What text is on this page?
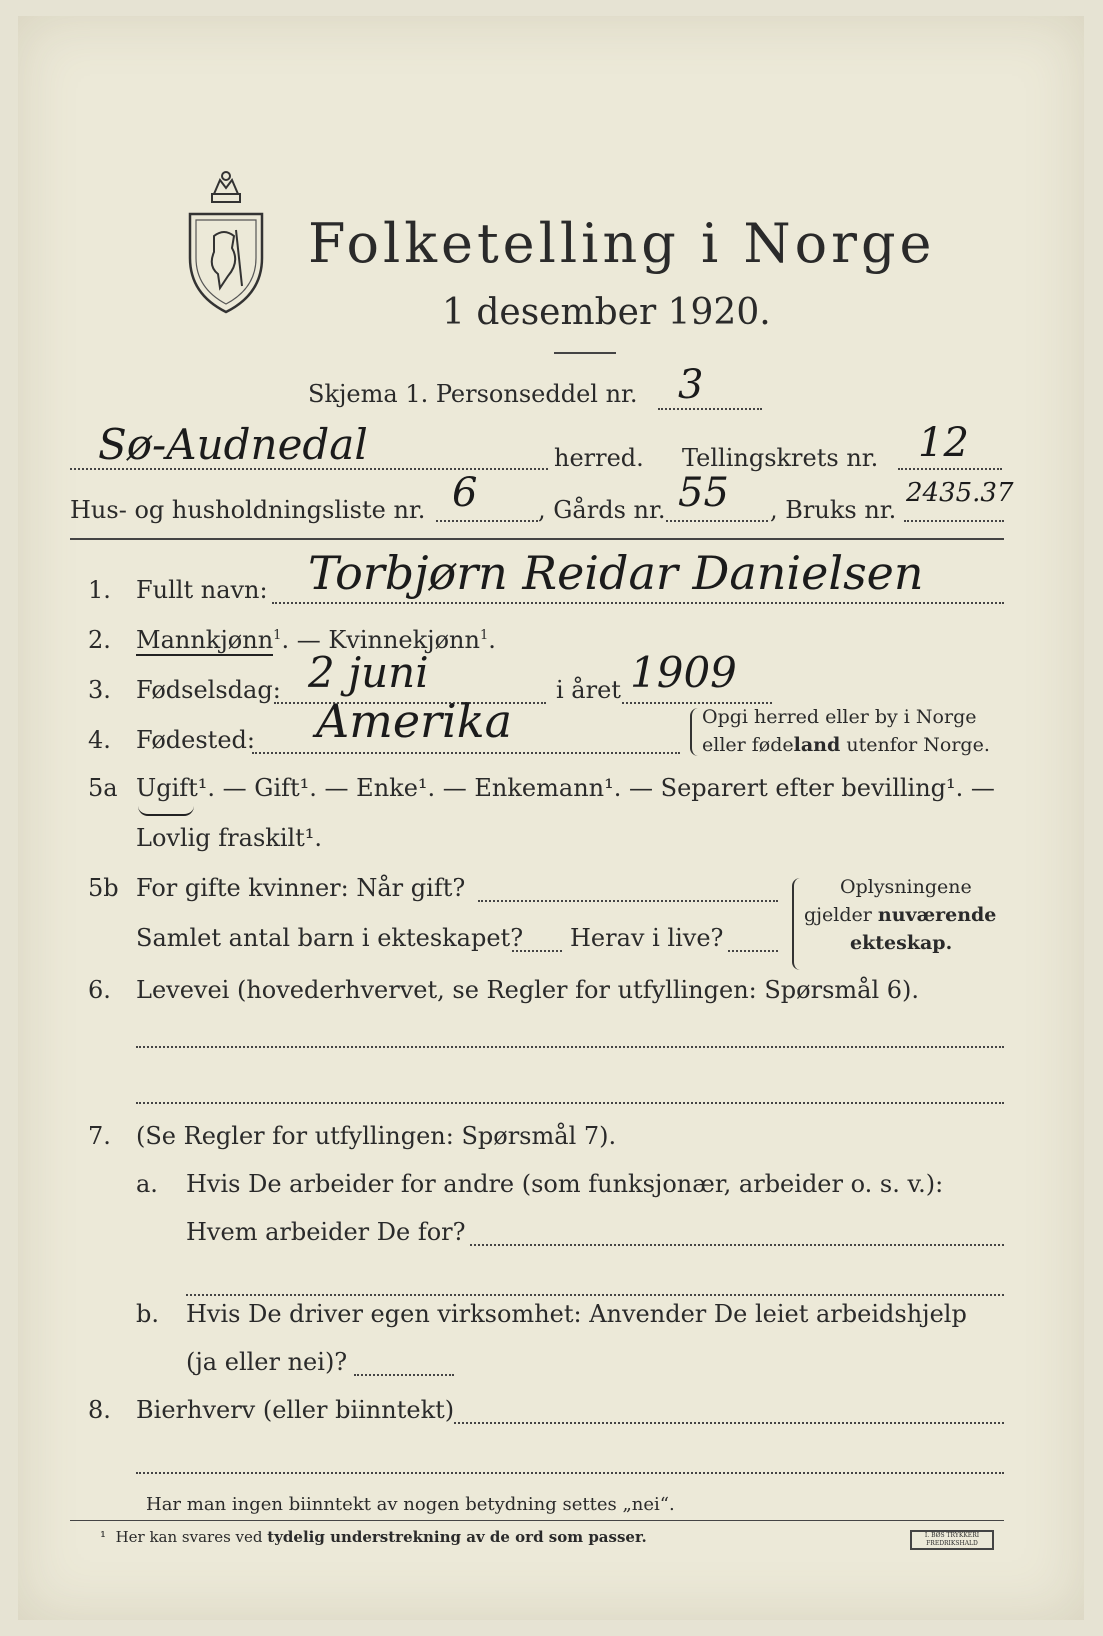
Folketelling i Norge
1 desember 1920.
Skjema 1. Personseddel nr. 3
Sø-Audnedal	herred. Tellingskrets nr. 12
Hus- og husholdningsliste nr. 6	, Gårds nr. 55 , Bruks nr.
2435.37
1. Fullt navn: Torbjørn Reidar Danielsen
2. Mannkjønn$^1$. — Kvinnekjønn$^1$.
3. Fødselsdag: 2 juni	i året 1909
4. Fødested: Amerika	Opgi herred eller by i Norge
eller fødeland utenfor Norge.
5a Ugift¹. — Gift¹. — Enke¹. — Enkemann¹. — Separert efter bevilling¹. —
Lovlig fraskilt¹.
5b For gifte kvinner: Når gift?
Samlet antal barn i ekteskapet? Herav i live?
Oplysningene
gjelder nuværende
ekteskap.
6. Levevei (hovederhvervet, se Regler for utfyllingen: Spørsmål 6).
7. (Se Regler for utfyllingen: Spørsmål 7).
a. Hvis De arbeider for andre (som funksjonær, arbeider o. s. v.):
Hvem arbeider De for?
b. Hvis De driver egen virksomhet: Anvender De leiet arbeidshjelp
(ja eller nei)?
8. Bierhverv (eller biinntekt)
Har man ingen biinntekt av nogen betydning settes „nei“.
¹ Her kan svares ved tydelig understrekning av de ord som passer.	I. BØS TRYKKERI
FREDRIKSHALD
